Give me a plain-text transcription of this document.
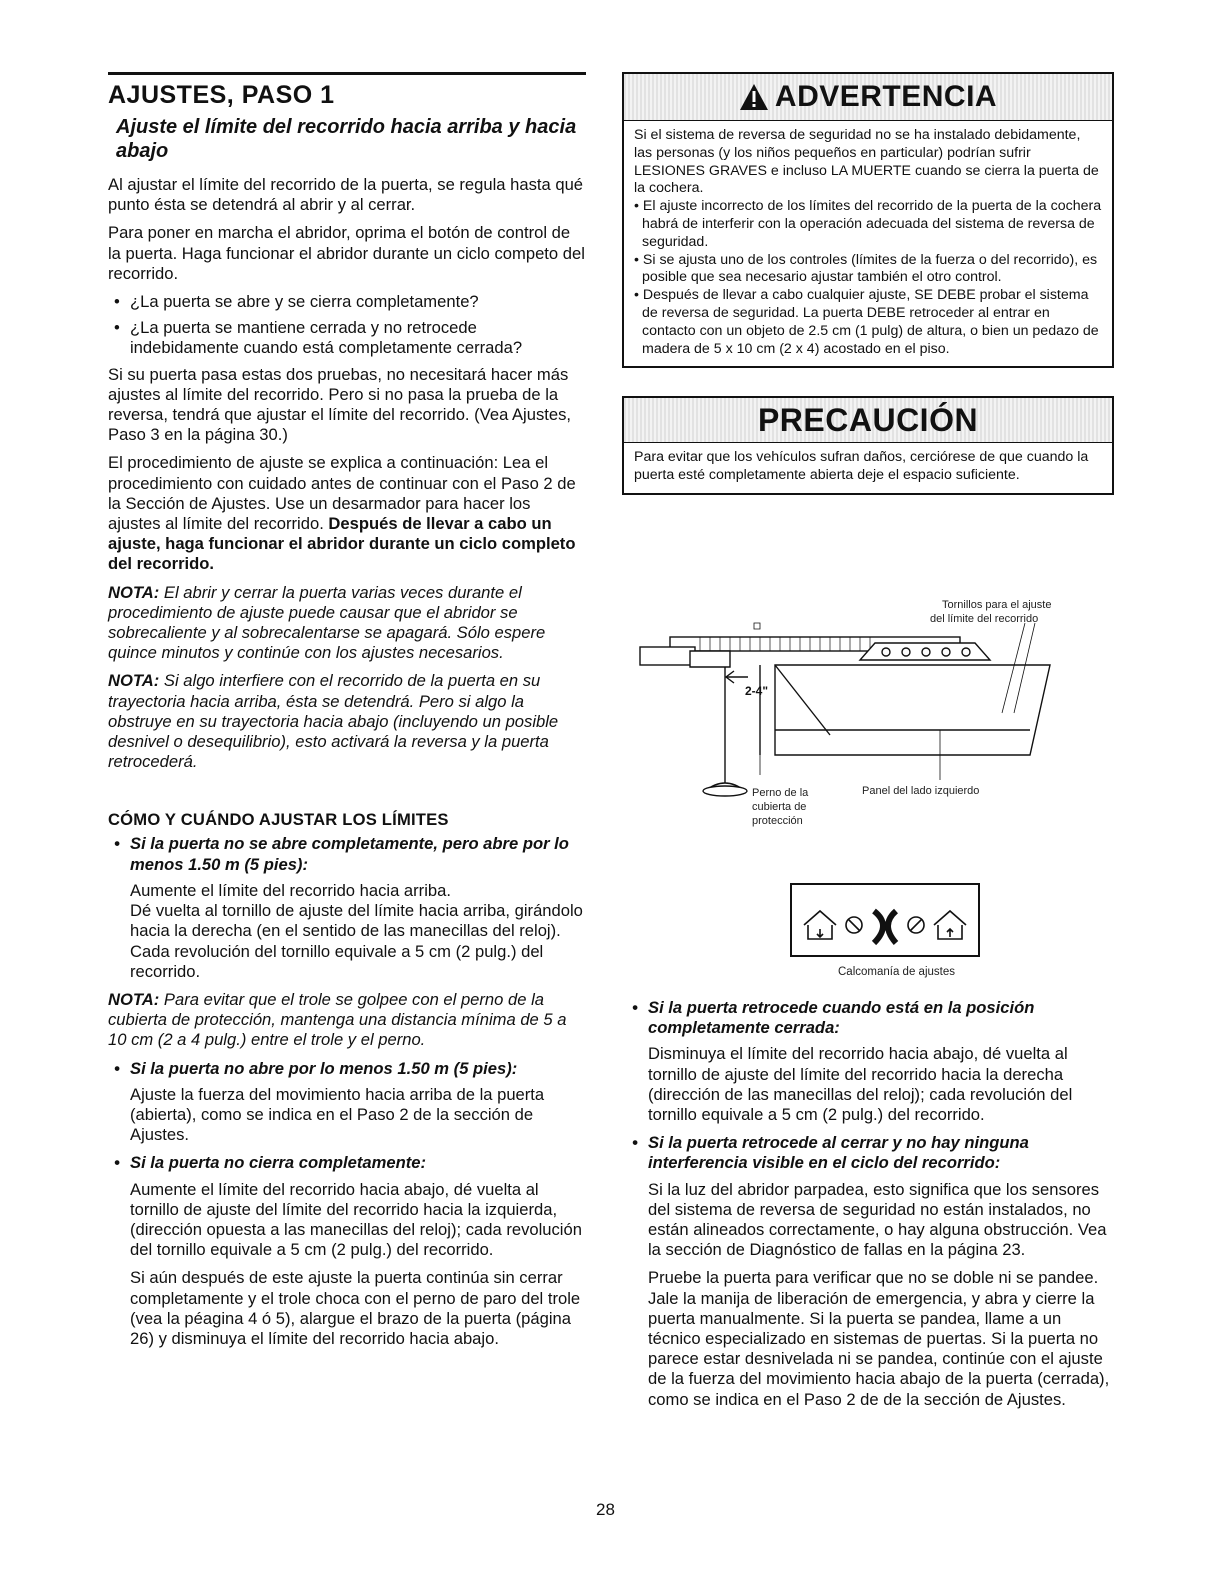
AJUSTES, PASO 1
Ajuste el límite del recorrido hacia arriba y hacia abajo

Al ajustar el límite del recorrido de la puerta, se regula hasta qué punto ésta se detendrá al abrir y al cerrar.

Para poner en marcha el abridor, oprima el botón de control de la puerta. Haga funcionar el abridor durante un ciclo competo del recorrido.

• ¿La puerta se abre y se cierra completamente?
• ¿La puerta se mantiene cerrada y no retrocede indebidamente cuando está completamente cerrada?

Si su puerta pasa estas dos pruebas, no necesitará hacer más ajustes al límite del recorrido. Pero si no pasa la prueba de la reversa, tendrá que ajustar el límite del recorrido. (Vea Ajustes, Paso 3 en la página 30.)

El procedimiento de ajuste se explica a continuación: Lea el procedimiento con cuidado antes de continuar con el Paso 2 de la Sección de Ajustes. Use un desarmador para hacer los ajustes al límite del recorrido. Después de llevar a cabo un ajuste, haga funcionar el abridor durante un ciclo completo del recorrido.

NOTA: El abrir y cerrar la puerta varias veces durante el procedimiento de ajuste puede causar que el abridor se sobrecaliente y al sobrecalentarse se apagará. Sólo espere quince minutos y continúe con los ajustes necesarios.

NOTA: Si algo interfiere con el recorrido de la puerta en su trayectoria hacia arriba, ésta se detendrá. Pero si algo la obstruye en su trayectoria hacia abajo (incluyendo un posible desnivel o desequilibrio), esto activará la reversa y la puerta retrocederá.

CÓMO Y CUÁNDO AJUSTAR LOS LÍMITES
• Si la puerta no se abre completamente, pero abre por lo menos 1.50 m (5 pies):

Aumente el límite del recorrido hacia arriba.

Dé vuelta al tornillo de ajuste del límite hacia arriba, girándolo hacia la derecha (en el sentido de las manecillas del reloj). Cada revolución del tornillo equivale a 5 cm (2 pulg.) del recorrido.

NOTA: Para evitar que el trole se golpee con el perno de la cubierta de protección, mantenga una distancia mínima de 5 a 10 cm (2 a 4 pulg.) entre el trole y el perno.

• Si la puerta no abre por lo menos 1.50 m (5 pies):

Ajuste la fuerza del movimiento hacia arriba de la puerta (abierta), como se indica en el Paso 2 de la sección de Ajustes.

• Si la puerta no cierra completamente:

Aumente el límite del recorrido hacia abajo, dé vuelta al tornillo de ajuste del límite del recorrido hacia la izquierda, (dirección opuesta a las manecillas del reloj); cada revolución del tornillo equivale a 5 cm (2 pulg.) del recorrido.

Si aún después de este ajuste la puerta continúa sin cerrar completamente y el trole choca con el perno de paro del trole (vea la péagina 4 ó 5), alargue el brazo de la puerta (página 26) y disminuya el límite del recorrido hacia abajo.

ADVERTENCIA
Si el sistema de reversa de seguridad no se ha instalado debidamente, las personas (y los niños pequeños en particular) podrían sufrir LESIONES GRAVES e incluso LA MUERTE cuando se cierra la puerta de la cochera.
• El ajuste incorrecto de los límites del recorrido de la puerta de la cochera habrá de interferir con la operación adecuada del sistema de reversa de seguridad.
• Si se ajusta uno de los controles (límites de la fuerza o del recorrido), es posible que sea necesario ajustar también el otro control.
• Después de llevar a cabo cualquier ajuste, SE DEBE probar el sistema de reversa de seguridad. La puerta DEBE retroceder al entrar en contacto con un objeto de 2.5 cm (1 pulg) de altura, o bien un pedazo de madera de 5 x 10 cm (2 x 4) acostado en el piso.
PRECAUCIÓN
Para evitar que los vehículos sufran daños, cerciórese de que cuando la puerta esté completamente abierta deje el espacio suficiente.
2-4"
Tornillos para el ajuste
del límite del recorrido
Perno de la
cubierta de
protección
Panel del lado izquierdo
Calcomanía de ajustes
• Si la puerta retrocede cuando está en la posición completamente cerrada:

Disminuya el límite del recorrido hacia abajo, dé vuelta al tornillo de ajuste del límite del recorrido hacia la derecha (dirección de las manecillas del reloj); cada revolución del tornillo equivale a 5 cm (2 pulg.) del recorrido.

• Si la puerta retrocede al cerrar y no hay ninguna interferencia visible en el ciclo del recorrido:

Si la luz del abridor parpadea, esto significa que los sensores del sistema de reversa de seguridad no están instalados, no están alineados correctamente, o hay alguna obstrucción. Vea la sección de Diagnóstico de fallas en la página 23.

Pruebe la puerta para verificar que no se doble ni se pandee. Jale la manija de liberación de emergencia, y abra y cierre la puerta manualmente. Si la puerta se pandea, llame a un técnico especializado en sistemas de puertas. Si la puerta no parece estar desnivelada ni se pandea, continúe con el ajuste de la fuerza del movimiento hacia abajo de la puerta (cerrada), como se indica en el Paso 2 de de la sección de Ajustes.

28
